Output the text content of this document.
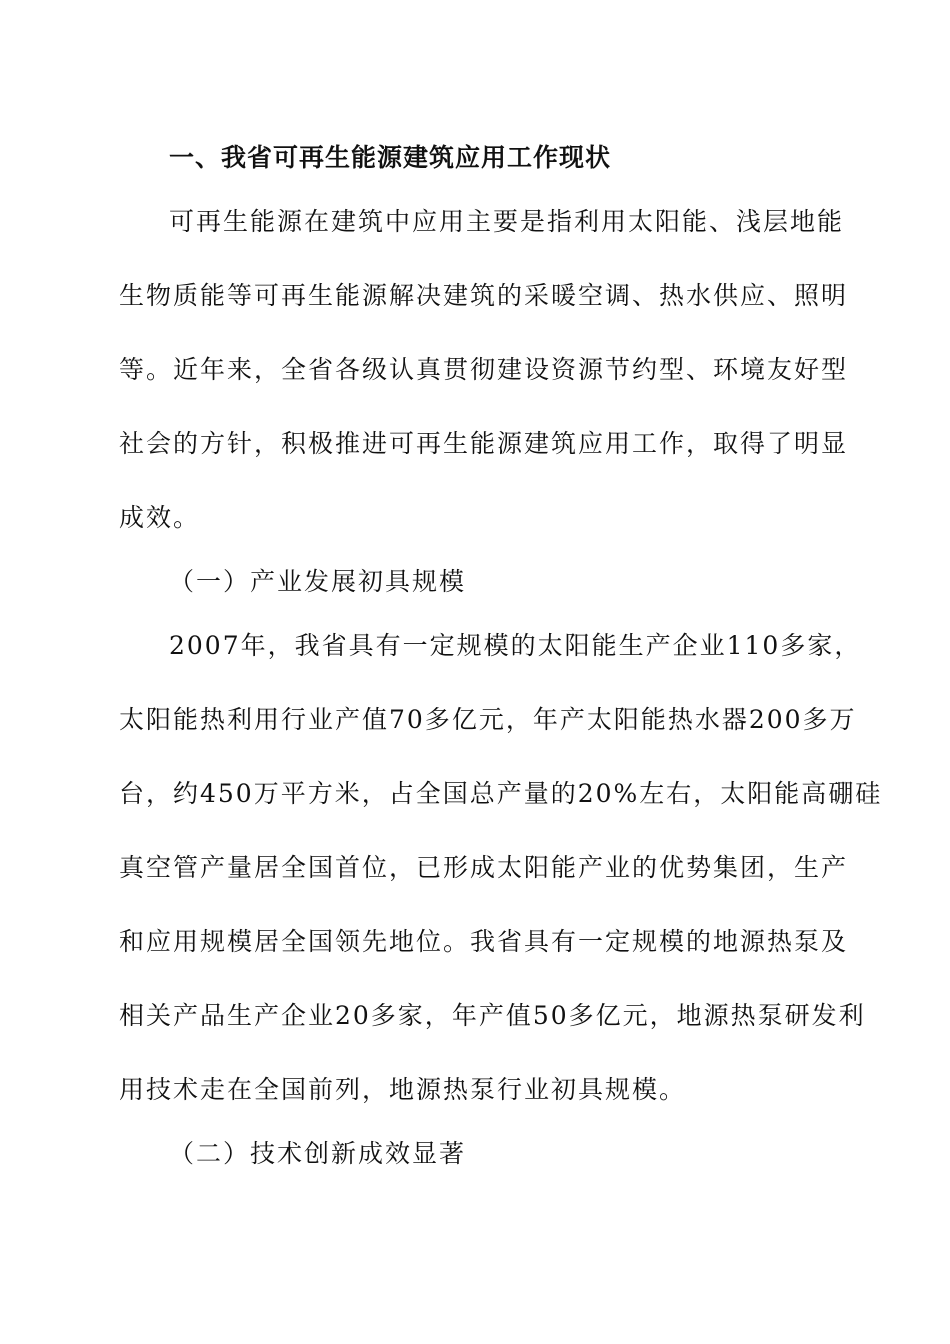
一、我省可再生能源建筑应用工作现状
可再生能源在建筑中应用主要是指利用太阳能、浅层地能
生物质能等可再生能源解决建筑的采暖空调、热水供应、照明
等。近年来，全省各级认真贯彻建设资源节约型、环境友好型
社会的方针，积极推进可再生能源建筑应用工作，取得了明显
成效。
（一）产业发展初具规模
2007年，我省具有一定规模的太阳能生产企业110多家，
太阳能热利用行业产值70多亿元，年产太阳能热水器200多万
台，约450万平方米，占全国总产量的20%左右，太阳能高硼硅
真空管产量居全国首位，已形成太阳能产业的优势集团，生产
和应用规模居全国领先地位。我省具有一定规模的地源热泵及
相关产品生产企业20多家，年产值50多亿元，地源热泵研发利
用技术走在全国前列，地源热泵行业初具规模。
（二）技术创新成效显著
